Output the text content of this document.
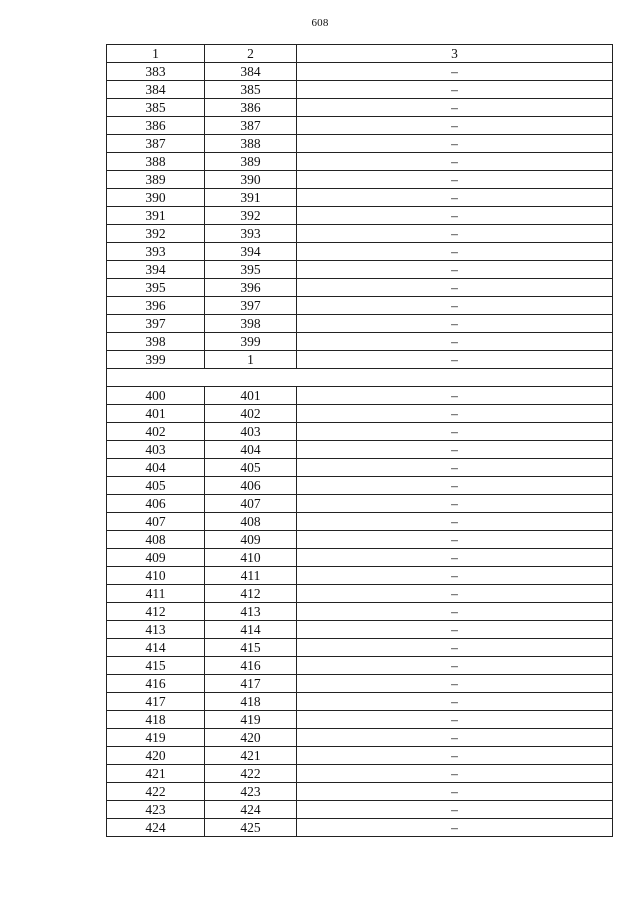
608
1	2	3
383	384	–
384	385	–
385	386	–
386	387	–
387	388	–
388	389	–
389	390	–
390	391	–
391	392	–
392	393	–
393	394	–
394	395	–
395	396	–
396	397	–
397	398	–
398	399	–
399	1	–

400	401	–
401	402	–
402	403	–
403	404	–
404	405	–
405	406	–
406	407	–
407	408	–
408	409	–
409	410	–
410	411	–
411	412	–
412	413	–
413	414	–
414	415	–
415	416	–
416	417	–
417	418	–
418	419	–
419	420	–
420	421	–
421	422	–
422	423	–
423	424	–
424	425	–
